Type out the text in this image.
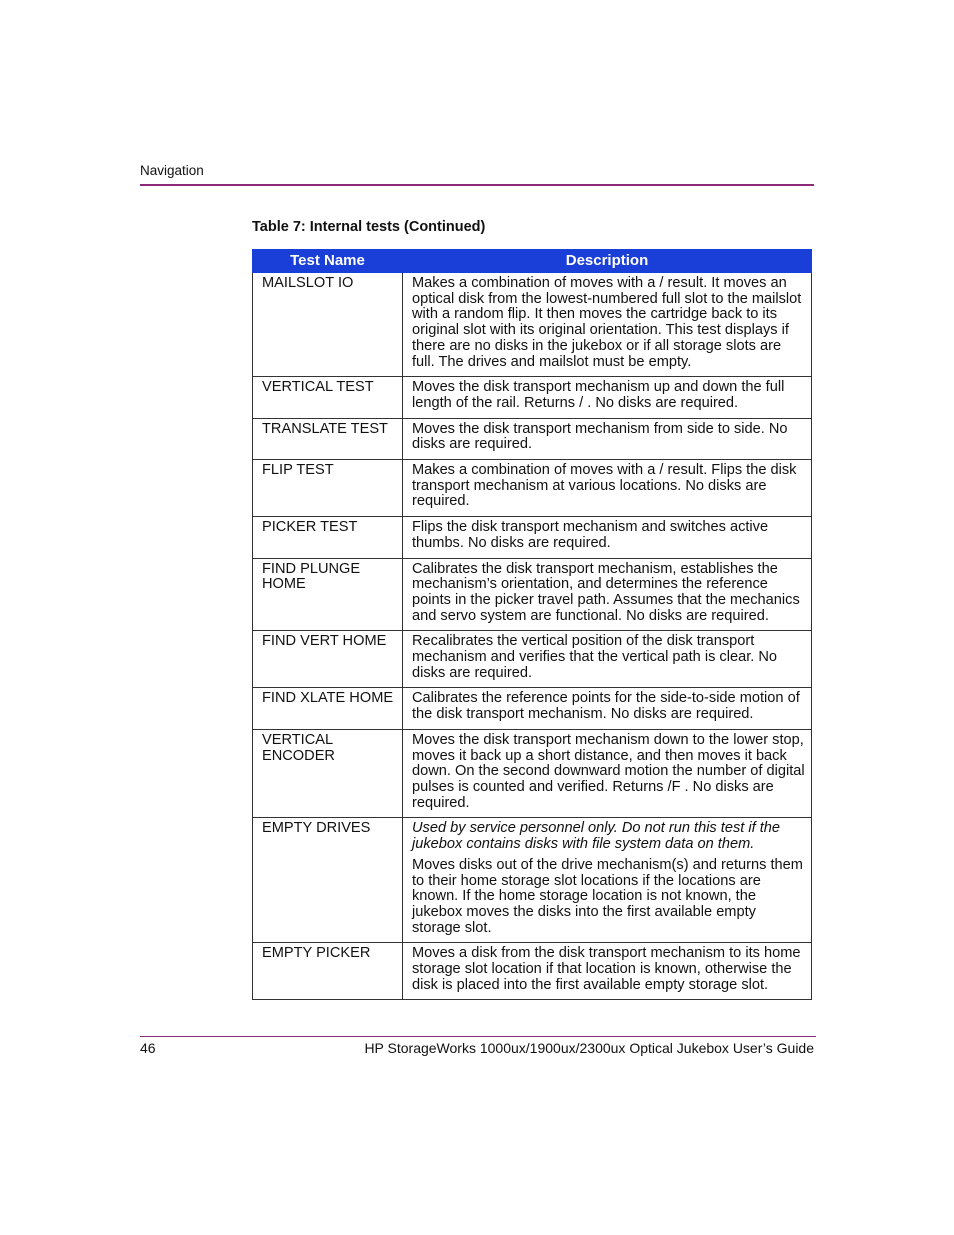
Navigation
Table 7: Internal tests (Continued)
Test Name	Description
MAILSLOT IO	Makes a combination of moves with a / result. It moves an optical disk from the lowest-numbered full slot to the mailslot with a random flip. It then moves the cartridge back to its original slot with its original orientation. This test displays if there are no disks in the jukebox or if all storage slots are full. The drives and mailslot must be empty.

VERTICAL TEST	Moves the disk transport mechanism up and down the full length of the rail. Returns / . No disks are required.

TRANSLATE TEST	Moves the disk transport mechanism from side to side. No disks are required.

FLIP TEST	Makes a combination of moves with a / result. Flips the disk transport mechanism at various locations. No disks are required.

PICKER TEST	Flips the disk transport mechanism and switches active thumbs. No disks are required.

FIND PLUNGE HOME	Calibrates the disk transport mechanism, establishes the mechanism’s orientation, and determines the reference points in the picker travel path. Assumes that the mechanics and servo system are functional. No disks are required.

FIND VERT HOME	Recalibrates the vertical position of the disk transport mechanism and verifies that the vertical path is clear. No disks are required.

FIND XLATE HOME	Calibrates the reference points for the side-to-side motion of the disk transport mechanism. No disks are required.

VERTICAL ENCODER	Moves the disk transport mechanism down to the lower stop, moves it back up a short distance, and then moves it back down. On the second downward motion the number of digital pulses is counted and verified. Returns /F . No disks are required.

EMPTY DRIVES	Used by service personnel only. Do not run this test if the jukebox contains disks with file system data on them.

Moves disks out of the drive mechanism(s) and returns them to their home storage slot locations if the locations are known. If the home storage location is not known, the jukebox moves the disks into the first available empty storage slot.

EMPTY PICKER	Moves a disk from the disk transport mechanism to its home storage slot location if that location is known, otherwise the disk is placed into the first available empty storage slot.

46	HP StorageWorks 1000ux/1900ux/2300ux Optical Jukebox User’s Guide
